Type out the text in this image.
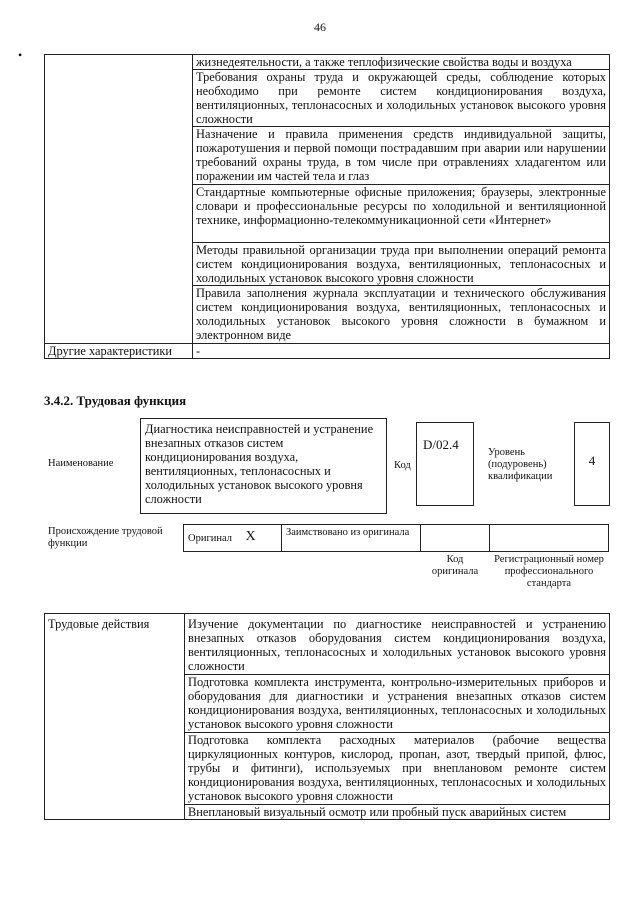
46
•
		жизнедеятельности, а также теплофизические свойства воды и воздуха
	Требования охраны труда и окружающей среды, соблюдение которых необходимо при ремонте систем кондиционирования воздуха, вентиляционных, теплонасосных и холодильных установок высокого уровня сложности
	Назначение и правила применения средств индивидуальной защиты, пожаротушения и первой помощи пострадавшим при аварии или нарушении требований охраны труда, в том числе при отравлениях хладагентом или поражении им частей тела и глаз
	Стандартные компьютерные офисные приложения; браузеры, электронные словари и профессиональные ресурсы по холодильной и вентиляционной технике, информационно-телекоммуникационной сети «Интернет»
	Методы правильной организации труда при выполнении операций ремонта систем кондиционирования воздуха, вентиляционных, теплонасосных и холодильных установок высокого уровня сложности
	Правила заполнения журнала эксплуатации и технического обслуживания систем кондиционирования воздуха, вентиляционных, теплонасосных и холодильных установок высокого уровня сложности в бумажном и электронном виде
Другие характеристики	-
3.4.2. Трудовая функция
Наименование
Диагностика неисправностей и устранение внезапных отказов систем кондиционирования воздуха, вентиляционных, теплонасосных и холодильных установок высокого уровня сложности
Код
D/02.4
Уровень (подуровень) квалификации
4
Происхождение трудовой функции	Оригинал	X	Заимствовано из оригинала		
			Код оригинала	Регистрационный номер профессионального стандарта
Трудовые действия	Изучение документации по диагностике неисправностей и устранению внезапных отказов оборудования систем кондиционирования воздуха, вентиляционных, теплонасосных и холодильных установок высокого уровня сложности
Подготовка комплекта инструмента, контрольно-измерительных приборов и оборудования для диагностики и устранения внезапных отказов систем кондиционирования воздуха, вентиляционных, теплонасосных и холодильных установок высокого уровня сложности
Подготовка комплекта расходных материалов (рабочие вещества циркуляционных контуров, кислород, пропан, азот, твердый припой, флюс, трубы и фитинги), используемых при внеплановом ремонте систем кондиционирования воздуха, вентиляционных, теплонасосных и холодильных установок высокого уровня сложности
Внеплановый визуальный осмотр или пробный пуск аварийных систем
